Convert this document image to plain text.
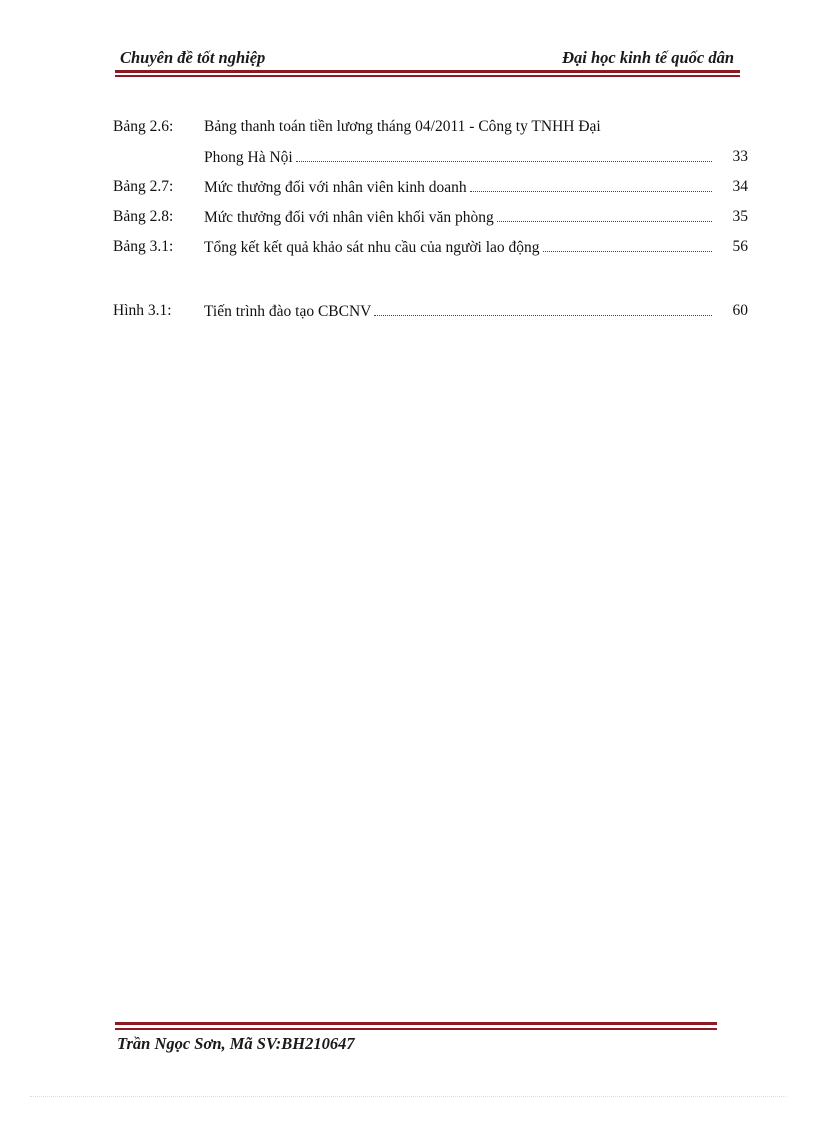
Chuyên đề tốt nghiệp	Đại học kinh tế quốc dân
Bảng 2.6: Bảng thanh toán tiền lương tháng 04/2011 - Công ty TNHH Đại
Phong Hà Nội	33
Bảng 2.7: Mức thưởng đối với nhân viên kinh doanh	34
Bảng 2.8: Mức thưởng đối với nhân viên khối văn phòng	35
Bảng 3.1: Tổng kết kết quả khảo sát nhu cầu của người lao động	56
Hình 3.1: Tiến trình đào tạo CBCNV	60
Trần Ngọc Sơn, Mã SV:BH210647
